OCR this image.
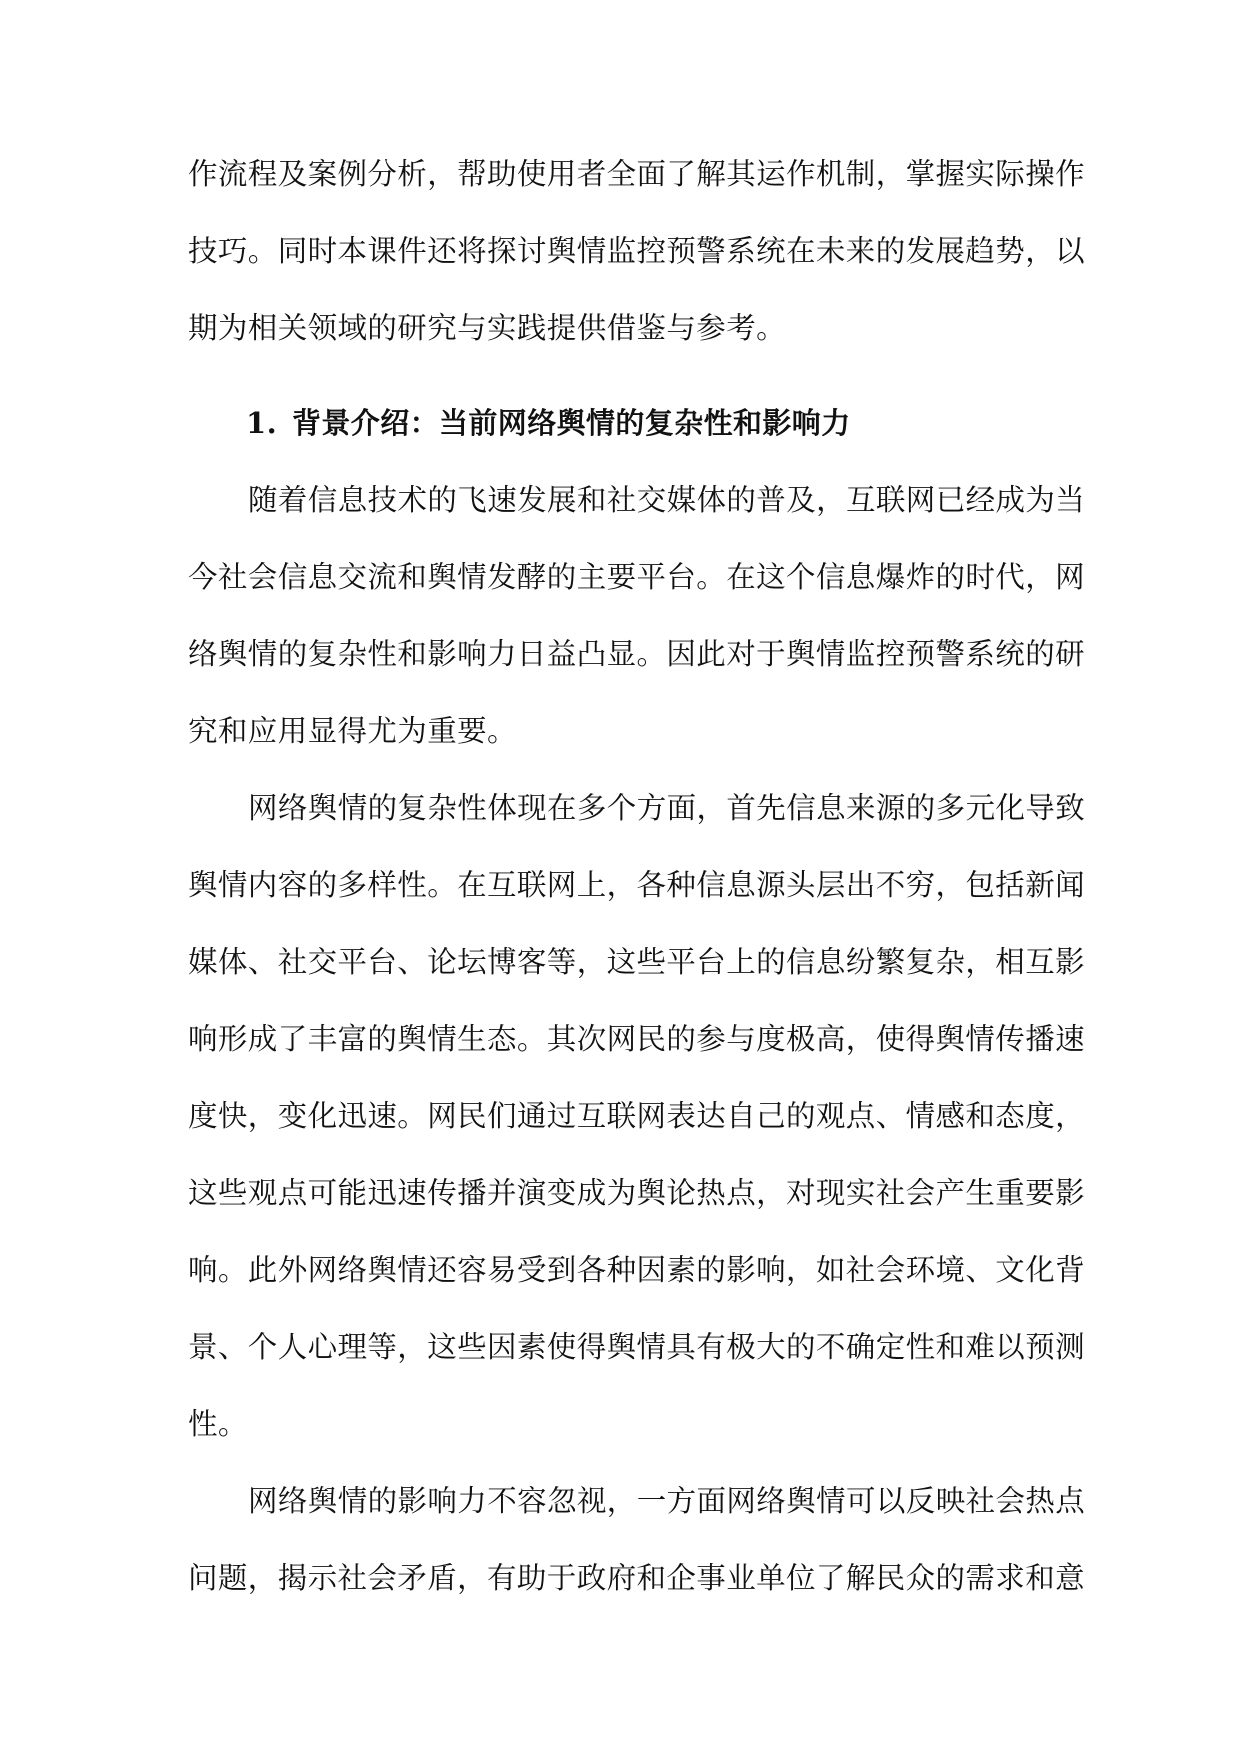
作流程及案例分析，帮助使用者全面了解其运作机制，掌握实际操作
技巧。同时本课件还将探讨舆情监控预警系统在未来的发展趋势，以
期为相关领域的研究与实践提供借鉴与参考。
1. 背景介绍：当前网络舆情的复杂性和影响力
随着信息技术的飞速发展和社交媒体的普及，互联网已经成为当
今社会信息交流和舆情发酵的主要平台。在这个信息爆炸的时代，网
络舆情的复杂性和影响力日益凸显。因此对于舆情监控预警系统的研
究和应用显得尤为重要。
网络舆情的复杂性体现在多个方面，首先信息来源的多元化导致
舆情内容的多样性。在互联网上，各种信息源头层出不穷，包括新闻
媒体、社交平台、论坛博客等，这些平台上的信息纷繁复杂，相互影
响形成了丰富的舆情生态。其次网民的参与度极高，使得舆情传播速
度快，变化迅速。网民们通过互联网表达自己的观点、情感和态度，
这些观点可能迅速传播并演变成为舆论热点，对现实社会产生重要影
响。此外网络舆情还容易受到各种因素的影响，如社会环境、文化背
景、个人心理等，这些因素使得舆情具有极大的不确定性和难以预测
性。
网络舆情的影响力不容忽视，一方面网络舆情可以反映社会热点
问题，揭示社会矛盾，有助于政府和企事业单位了解民众的需求和意
